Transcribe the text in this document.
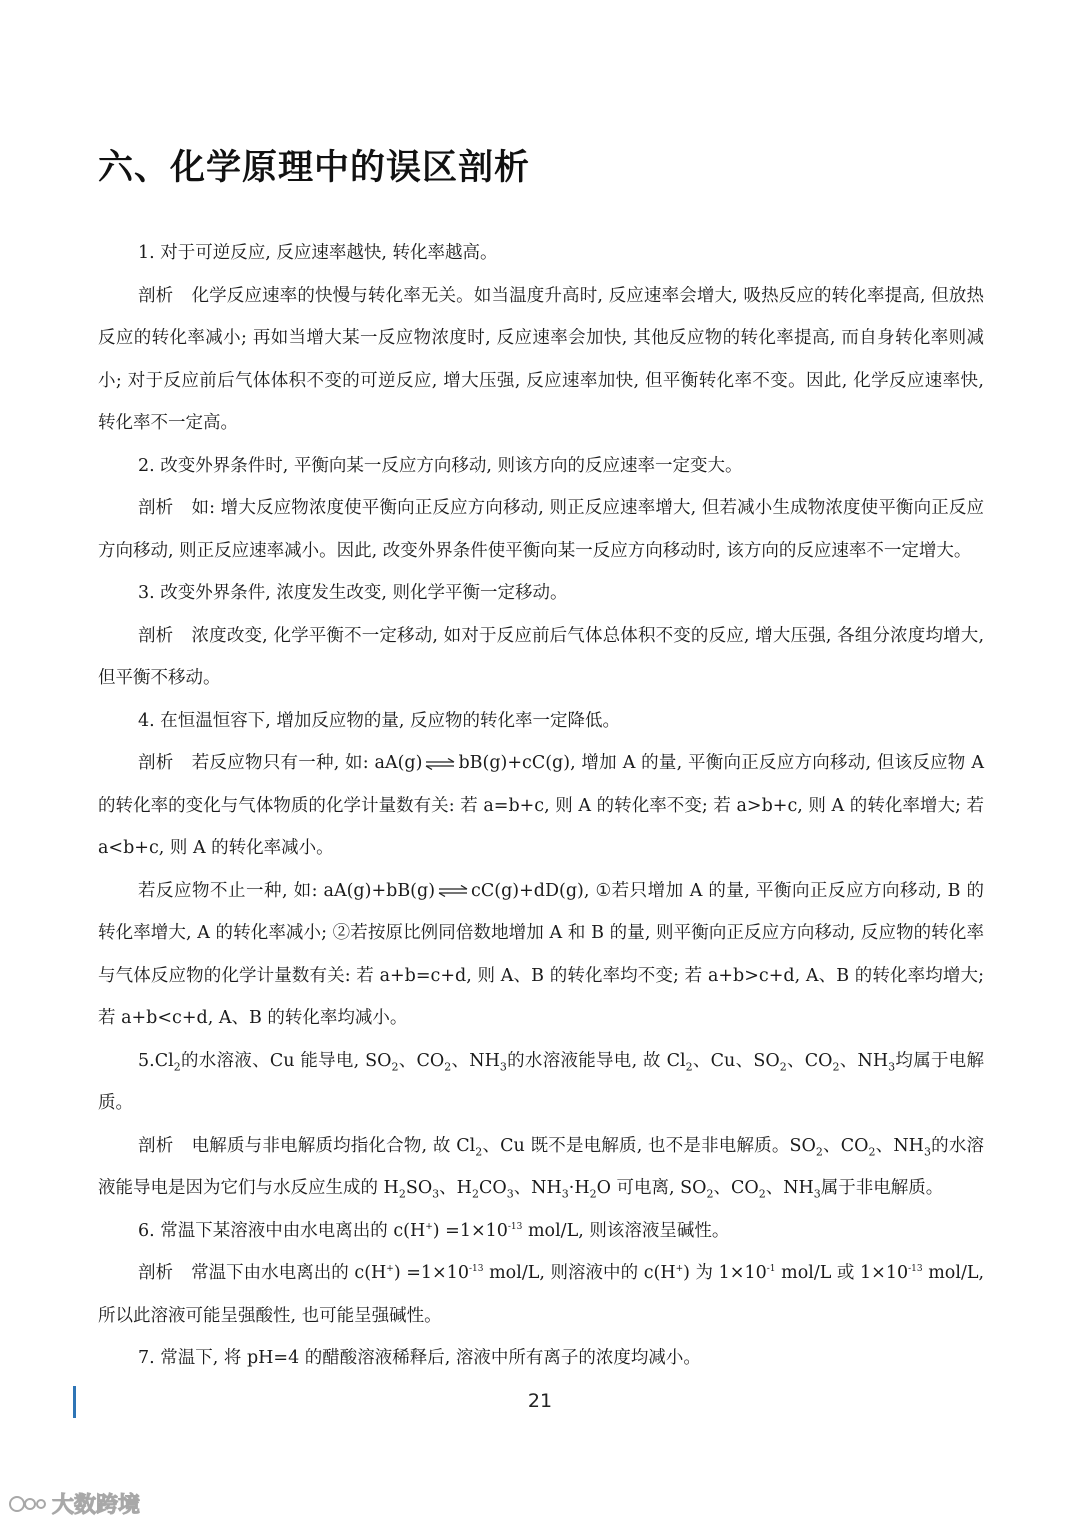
六、化学原理中的误区剖析

1. 对于可逆反应, 反应速率越快, 转化率越高。

剖析 化学反应速率的快慢与转化率无关。如当温度升高时, 反应速率会增大, 吸热反应的转化率提高, 但放热反应的转化率减小; 再如当增大某一反应物浓度时, 反应速率会加快, 其他反应物的转化率提高, 而自身转化率则减小; 对于反应前后气体体积不变的可逆反应, 增大压强, 反应速率加快, 但平衡转化率不变。因此, 化学反应速率快, 转化率不一定高。

2. 改变外界条件时, 平衡向某一反应方向移动, 则该方向的反应速率一定变大。

剖析 如: 增大反应物浓度使平衡向正反应方向移动, 则正反应速率增大, 但若减小生成物浓度使平衡向正反应方向移动, 则正反应速率减小。因此, 改变外界条件使平衡向某一反应方向移动时, 该方向的反应速率不一定增大。

3. 改变外界条件, 浓度发生改变, 则化学平衡一定移动。

剖析 浓度改变, 化学平衡不一定移动, 如对于反应前后气体总体积不变的反应, 增大压强, 各组分浓度均增大, 但平衡不移动。

4. 在恒温恒容下, 增加反应物的量, 反应物的转化率一定降低。

剖析 若反应物只有一种, 如: aA(g) ⇌ bB(g)+cC(g), 增加 A 的量, 平衡向正反应方向移动, 但该反应物 A 的转化率的变化与气体物质的化学计量数有关: 若 a=b+c, 则 A 的转化率不变; 若 a>b+c, 则 A 的转化率增大; 若 a<b+c, 则 A 的转化率减小。

若反应物不止一种, 如: aA(g)+bB(g) ⇌ cC(g)+dD(g), ①若只增加 A 的量, 平衡向正反应方向移动, B 的转化率增大, A 的转化率减小; ②若按原比例同倍数地增加 A 和 B 的量, 则平衡向正反应方向移动, 反应物的转化率与气体反应物的化学计量数有关: 若 a+b=c+d, 则 A、B 的转化率均不变; 若 a+b>c+d, A、B 的转化率均增大; 若 a+b<c+d, A、B 的转化率均减小。

$5.Cl_2$的水溶液、Cu 能导电, $SO_2$、$CO_2$、$NH_3$的水溶液能导电, 故 $Cl_2$、Cu、$SO_2$、$CO_2$、$NH_3$均属于电解质。

剖析 电解质与非电解质均指化合物, 故 $Cl_2$、Cu 既不是电解质, 也不是非电解质。$SO_2$、$CO_2$、$NH_3$的水溶液能导电是因为它们与水反应生成的 $H_2SO_3$、$H_2CO_3$、$NH_3\cdot H_2O$ 可电离, $SO_2$、$CO_2$、$NH_3$属于非电解质。

6. 常温下某溶液中由水电离出的 $c(H^+) =1\times 10^{-13}$ mol/L, 则该溶液呈碱性。

剖析 常温下由水电离出的 $c(H^+) =1\times 10^{-13}$ mol/L, 则溶液中的 c(H+) 为 $1\times 10^{-1}$ mol/L 或 $1\times 10^{-13}$ mol/L, 所以此溶液可能呈强酸性, 也可能呈强碱性。

7. 常温下, 将 pH=4 的醋酸溶液稀释后, 溶液中所有离子的浓度均减小。

21
大数跨境
